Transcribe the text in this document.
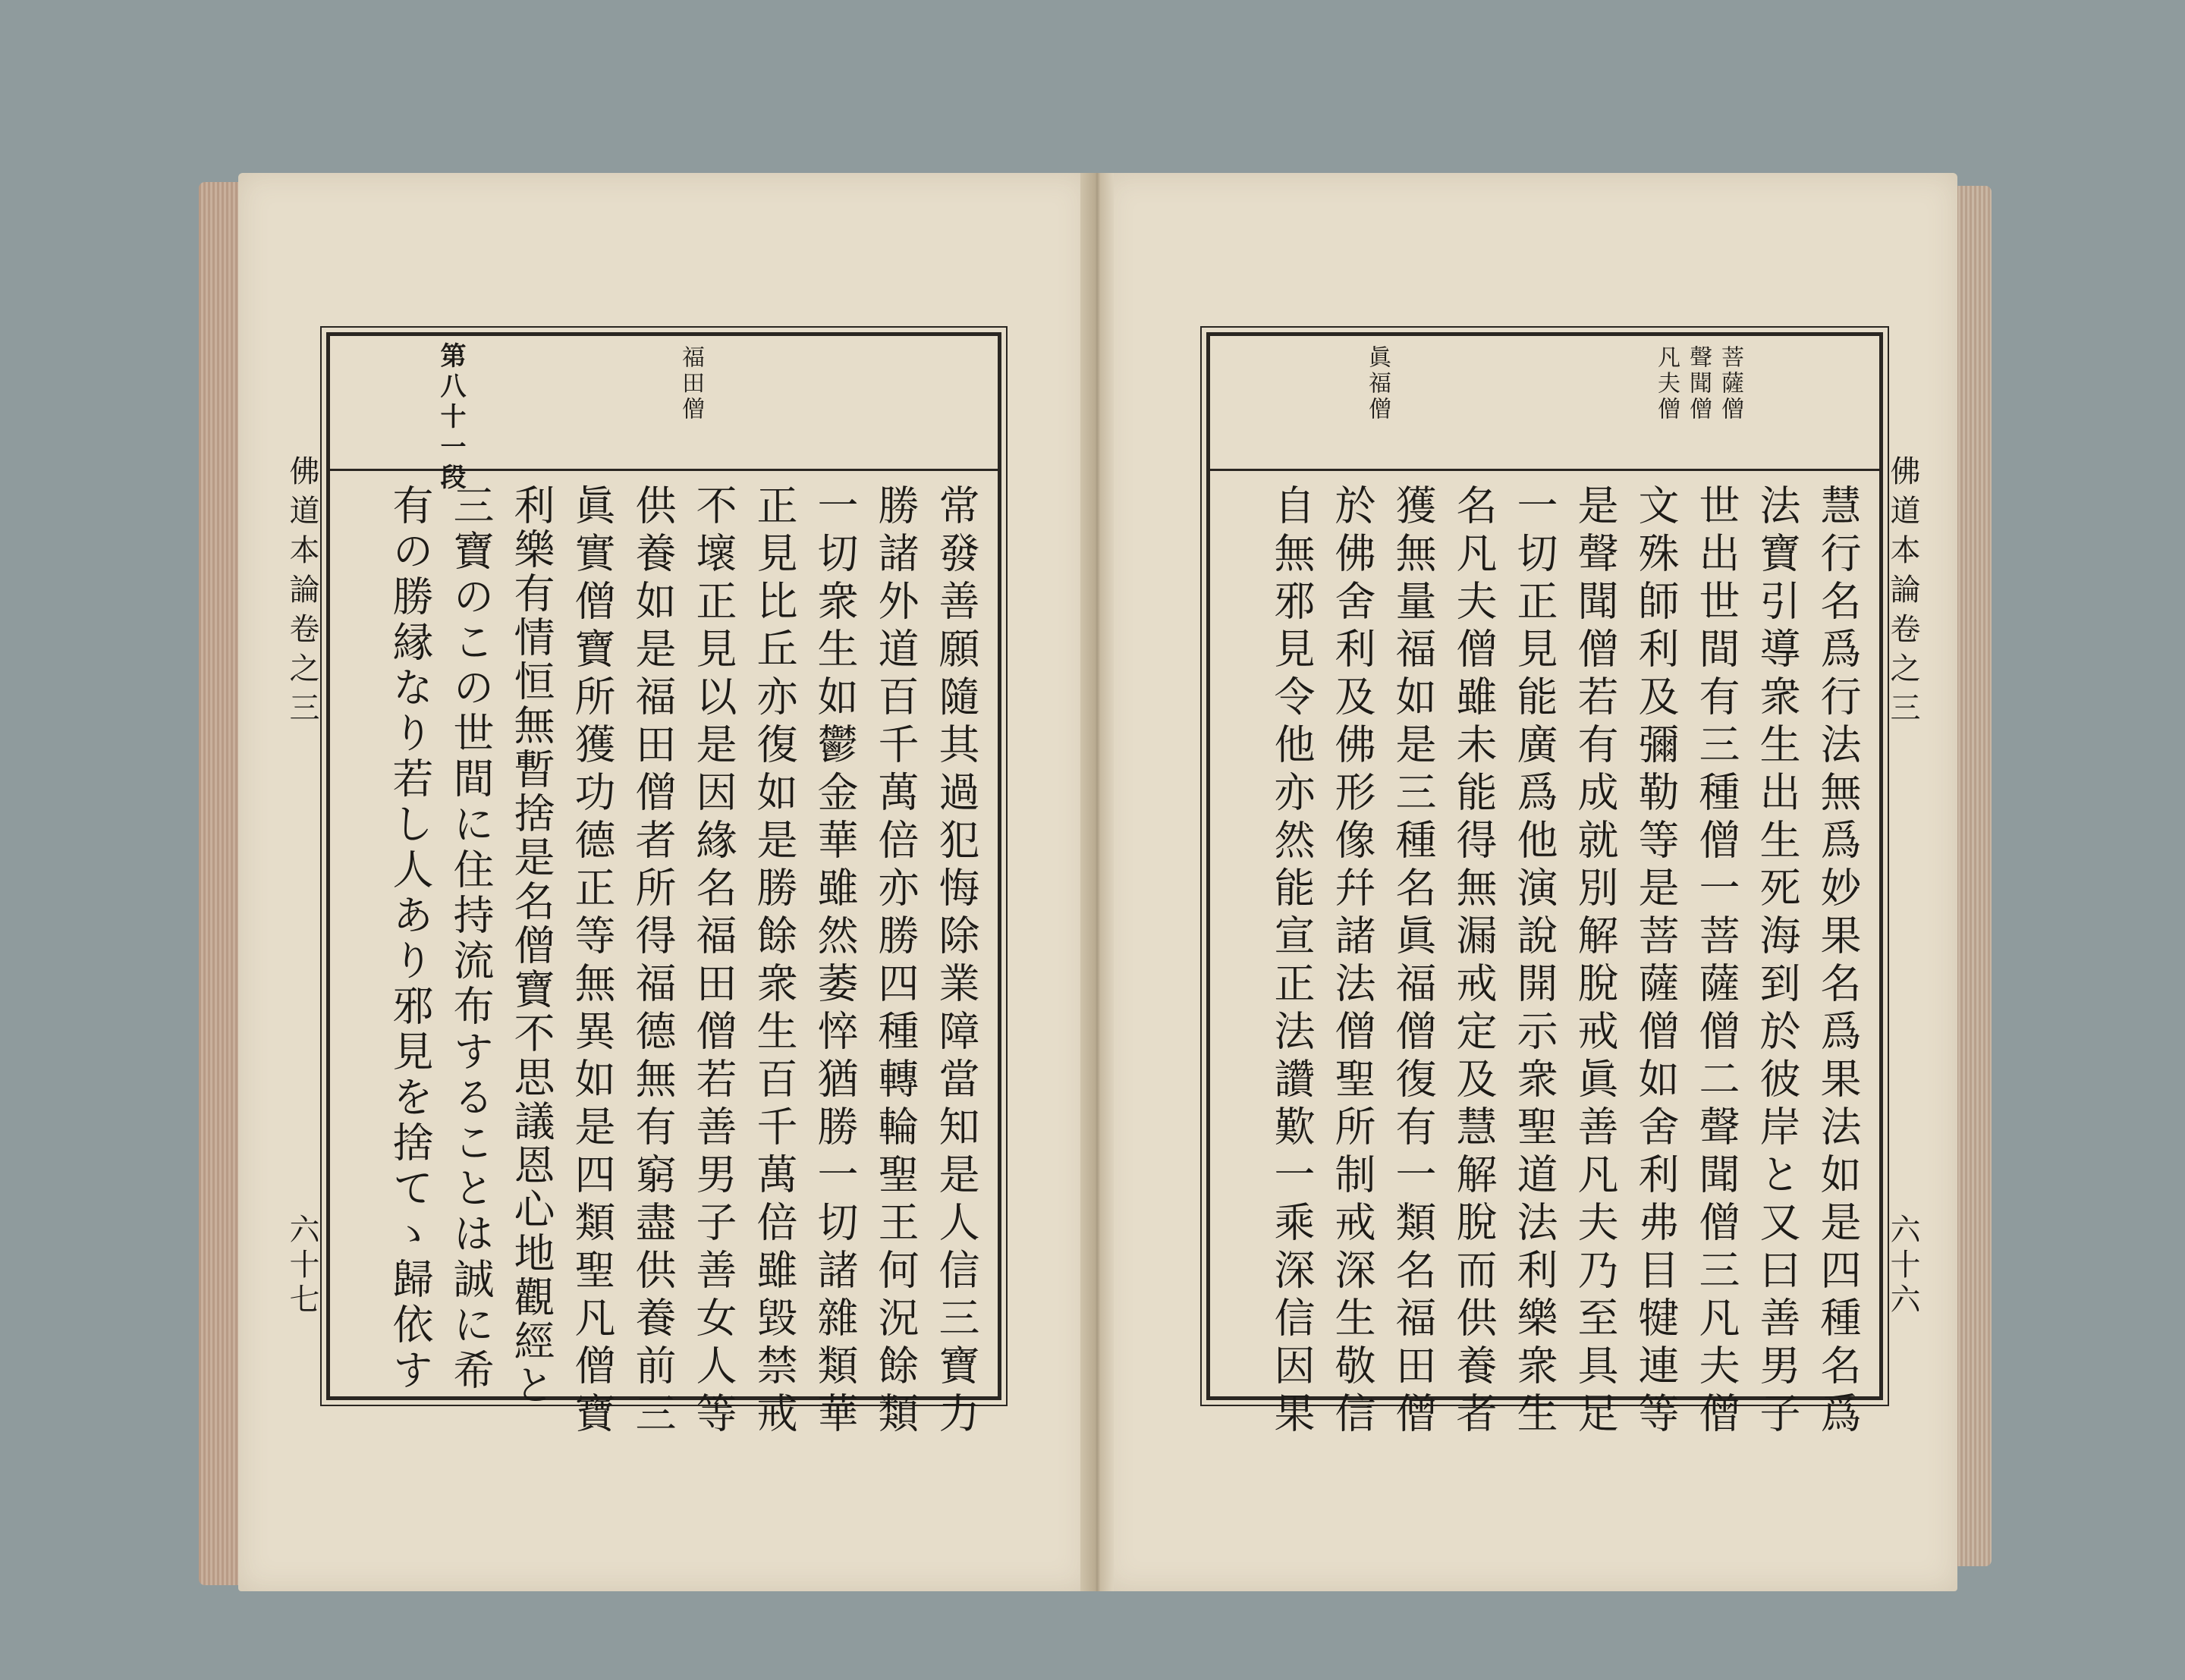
佛道本論卷之三
六十七
第八十一段	福田僧
常發善願隨其過犯悔除業障當知是人信三寶力
勝諸外道百千萬倍亦勝四種轉輪聖王何況餘類
一切衆生如鬱金華雖然萎悴猶勝一切諸雜類華
正見比丘亦復如是勝餘衆生百千萬倍雖毀禁戒
不壞正見以是因緣名福田僧若善男子善女人等
供養如是福田僧者所得福德無有窮盡供養前三
眞實僧寶所獲功德正等無異如是四類聖凡僧寶
利樂有情恒無暫捨是名僧寶不思議恩心地觀經と
三寶のこの世間に住持流布することは誠に希
有の勝縁なり若し人あり邪見を捨てゝ歸依す	佛道本論卷之三
六十六
菩薩僧
聲聞僧
凡夫僧
眞福僧
慧行名爲行法無爲妙果名爲果法如是四種名爲
法寶引導衆生出生死海到於彼岸と又曰善男子
世出世間有三種僧一菩薩僧二聲聞僧三凡夫僧
文殊師利及彌勒等是菩薩僧如舍利弗目犍連等
是聲聞僧若有成就別解脫戒眞善凡夫乃至具足
一切正見能廣爲他演說開示衆聖道法利樂衆生
名凡夫僧雖未能得無漏戒定及慧解脫而供養者
獲無量福如是三種名眞福僧復有一類名福田僧
於佛舍利及佛形像幷諸法僧聖所制戒深生敬信
自無邪見令他亦然能宣正法讚歎一乘深信因果
